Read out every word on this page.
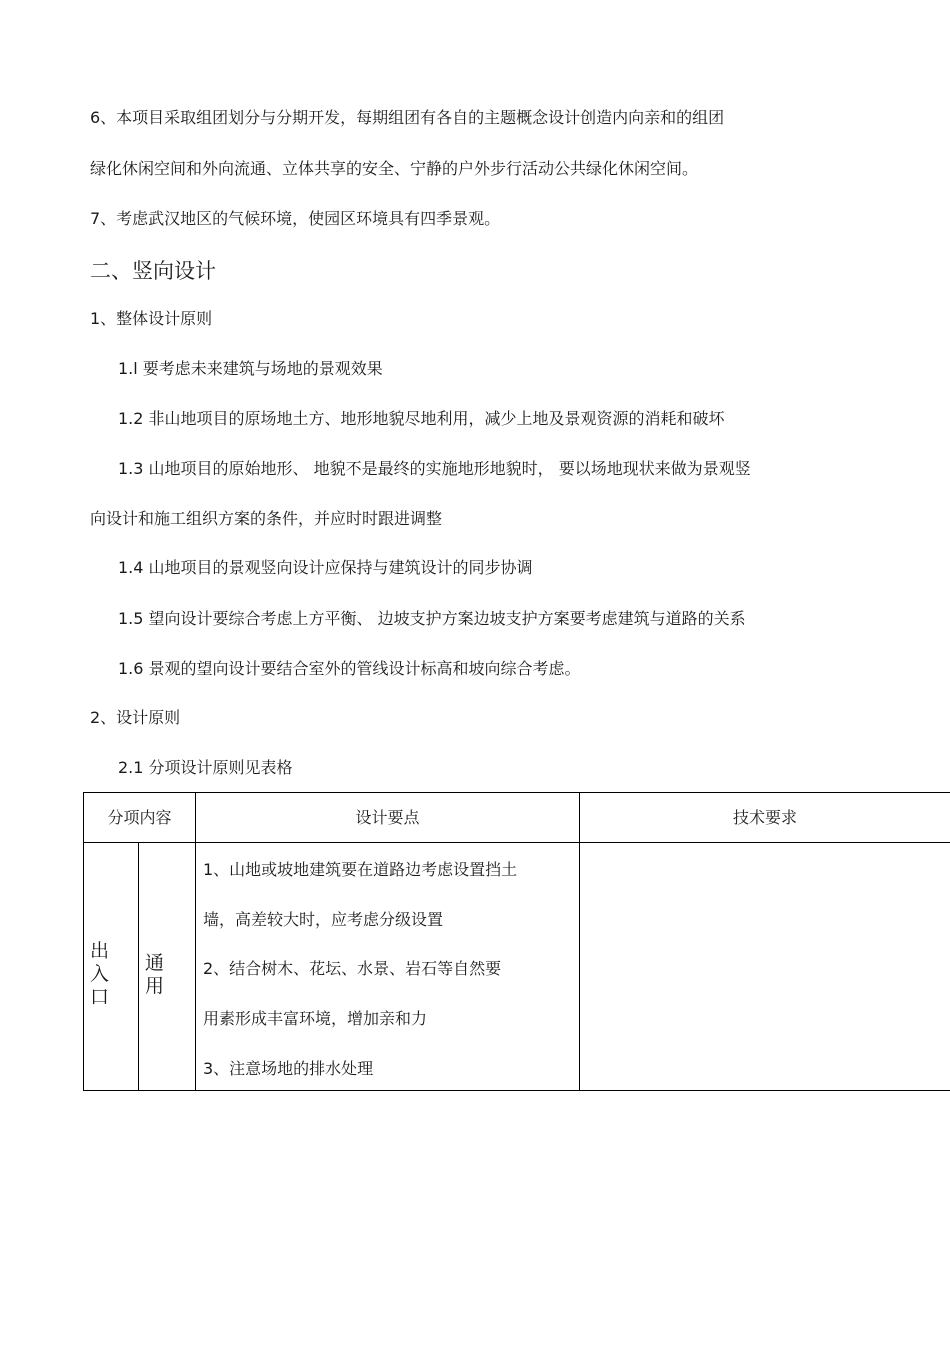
6、本项目采取组团划分与分期开发，每期组团有各自的主题概念设计创造内向亲和的组团
绿化休闲空间和外向流通、立体共享的安全、宁静的户外步行活动公共绿化休闲空间。
7、考虑武汉地区的气候环境，使园区环境具有四季景观。
二、竖向设计
1、整体设计原则
1.l 要考虑未来建筑与场地的景观效果
1.2 非山地项目的原场地土方、地形地貌尽地利用，减少上地及景观资源的消耗和破坏
1.3 山地项目的原始地形、 地貌不是最终的实施地形地貌时， 要以场地现状来做为景观竖
向设计和施工组织方案的条件，并应时时跟进调整
1.4 山地项目的景观竖向设计应保持与建筑设计的同步协调
1.5 望向设计要综合考虑上方平衡、 边坡支护方案边坡支护方案要考虑建筑与道路的关系
1.6 景观的望向设计要结合室外的管线设计标高和坡向综合考虑。
2、设计原则
2.1 分项设计原则见表格
分项内容	设计要点	技术要求
出入口
通用
1、山地或坡地建筑要在道路边考虑设置挡土
墙，高差较大时，应考虑分级设置
2、结合树木、花坛、水景、岩石等自然要
用素形成丰富环境，增加亲和力
3、注意场地的排水处理
